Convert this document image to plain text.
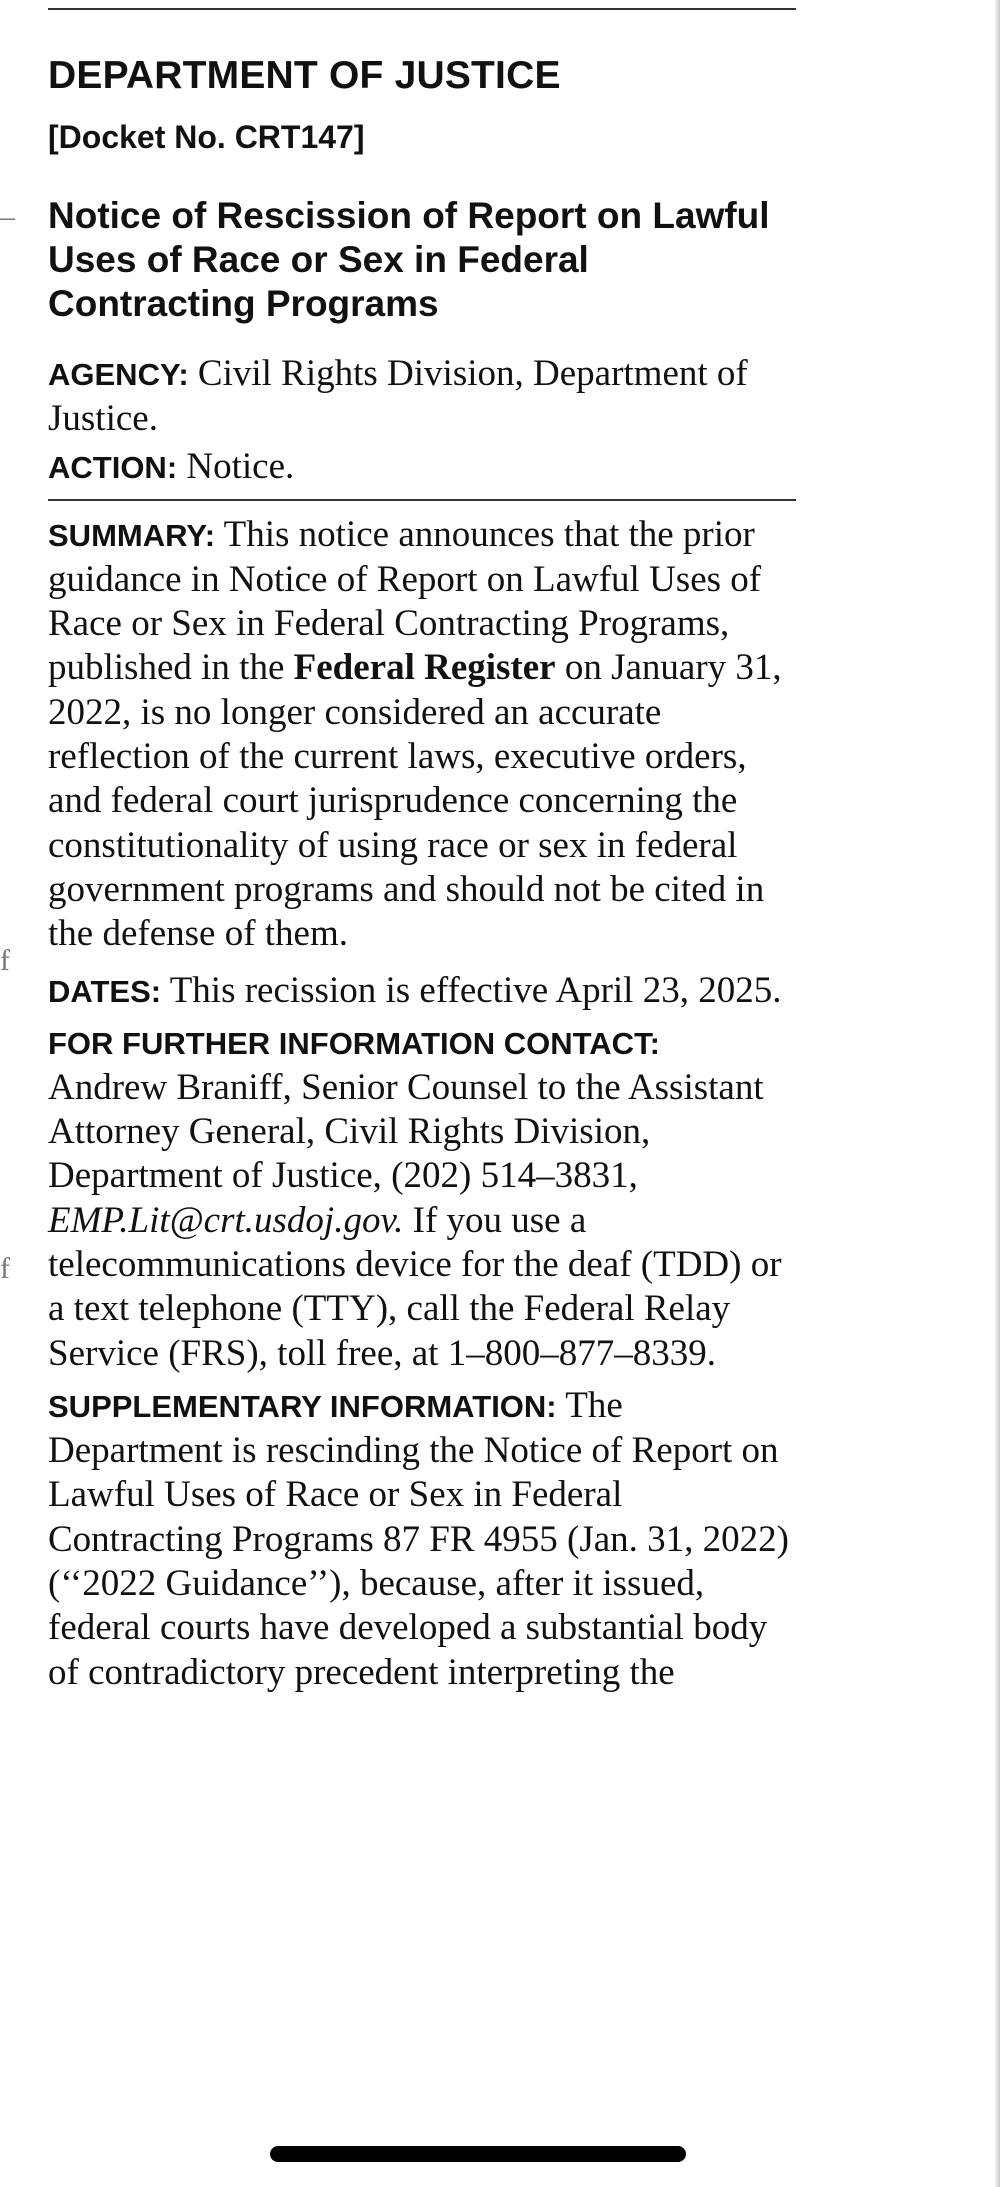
DEPARTMENT OF JUSTICE
[Docket No. CRT147]
Notice of Rescission of Report on Lawful Uses of Race or Sex in Federal Contracting Programs

AGENCY: Civil Rights Division, Department of Justice.

ACTION: Notice.

SUMMARY: This notice announces that the prior guidance in Notice of Report on Lawful Uses of Race or Sex in Federal Contracting Programs, published in the Federal Register on January 31, 2022, is no longer considered an accurate reflection of the current laws, executive orders, and federal court jurisprudence concerning the constitutionality of using race or sex in federal government programs and should not be cited in the defense of them.

DATES: This recission is effective April 23, 2025.

FOR FURTHER INFORMATION CONTACT:
Andrew Braniff, Senior Counsel to the Assistant Attorney General, Civil Rights Division, Department of Justice, (202) 514–3831, EMP.Lit@crt.usdoj.gov. If you use a telecommunications device for the deaf (TDD) or a text telephone (TTY), call the Federal Relay Service (FRS), toll free, at 1–800–877–8339.

SUPPLEMENTARY INFORMATION: The Department is rescinding the Notice of Report on Lawful Uses of Race or Sex in Federal Contracting Programs 87 FR 4955 (Jan. 31, 2022) (‘‘2022 Guidance’’), because, after it issued, federal courts have developed a substantial body of contradictory precedent interpreting the

–
f
f
